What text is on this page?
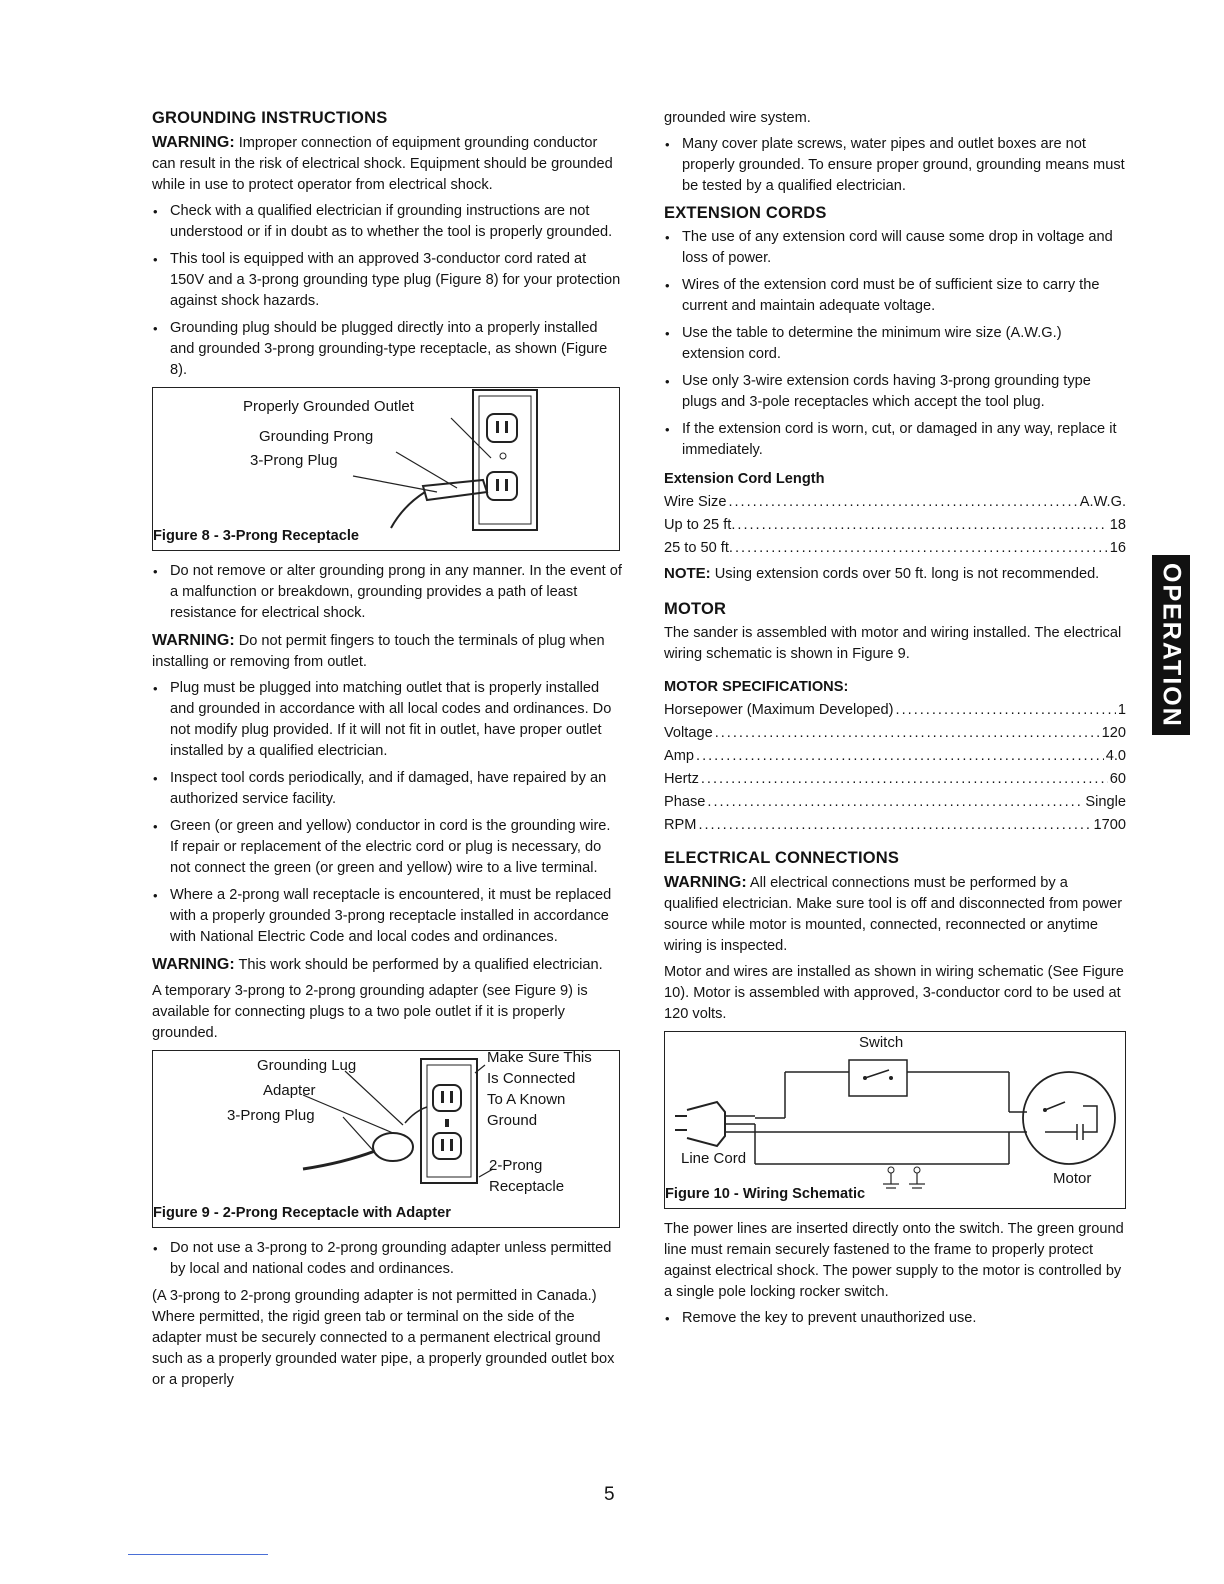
GROUNDING INSTRUCTIONS

WARNING: Improper connection of equipment grounding conductor can result in the risk of electrical shock. Equipment should be grounded while in use to protect operator from electrical shock.

• Check with a qualified electrician if grounding instructions are not understood or if in doubt as to whether the tool is properly grounded.
• This tool is equipped with an approved 3-conductor cord rated at 150V and a 3-prong grounding type plug (Figure 8) for your protection against shock hazards.
• Grounding plug should be plugged directly into a properly installed and grounded 3-prong grounding-type receptacle, as shown (Figure 8).
Properly Grounded Outlet
Grounding Prong
3-Prong Plug
Figure 8 - 3-Prong Receptacle
• Do not remove or alter grounding prong in any manner. In the event of a malfunction or breakdown, grounding provides a path of least resistance for electrical shock.

WARNING: Do not permit fingers to touch the terminals of plug when installing or removing from outlet.

• Plug must be plugged into matching outlet that is properly installed and grounded in accordance with all local codes and ordinances. Do not modify plug provided. If it will not fit in outlet, have proper outlet installed by a qualified electrician.
• Inspect tool cords periodically, and if damaged, have repaired by an authorized service facility.
• Green (or green and yellow) conductor in cord is the grounding wire. If repair or replacement of the electric cord or plug is necessary, do not connect the green (or green and yellow) wire to a live terminal.
• Where a 2-prong wall receptacle is encountered, it must be replaced with a properly grounded 3-prong receptacle installed in accordance with National Electric Code and local codes and ordinances.

WARNING: This work should be performed by a qualified electrician.

A temporary 3-prong to 2-prong grounding adapter (see Figure 9) is available for connecting plugs to a two pole outlet if it is properly grounded.

Grounding Lug
Adapter
3-Prong Plug
Make Sure This
Is Connected
To A Known
Ground
2-Prong
Receptacle
Figure 9 - 2-Prong Receptacle with Adapter
• Do not use a 3-prong to 2-prong grounding adapter unless permitted by local and national codes and ordinances.

(A 3-prong to 2-prong grounding adapter is not permitted in Canada.) Where permitted, the rigid green tab or terminal on the side of the adapter must be securely connected to a permanent electrical ground such as a properly grounded water pipe, a properly grounded outlet box or a properly

grounded wire system.

• Many cover plate screws, water pipes and outlet boxes are not properly grounded. To ensure proper ground, grounding means must be tested by a qualified electrician.
EXTENSION CORDS
• The use of any extension cord will cause some drop in voltage and loss of power.
• Wires of the extension cord must be of sufficient size to carry the current and maintain adequate voltage.
• Use the table to determine the minimum wire size (A.W.G.) extension cord.
• Use only 3-wire extension cords having 3-prong grounding type plugs and 3-pole receptacles which accept the tool plug.
• If the extension cord is worn, cut, or damaged in any way, replace it immediately.
Extension Cord Length
Wire Size .....	A.W.G.
Up to 25 ft. .....	18
25 to 50 ft. .....	16

NOTE: Using extension cords over 50 ft. long is not recommended.

MOTOR

The sander is assembled with motor and wiring installed. The electrical wiring schematic is shown in Figure 9.

MOTOR SPECIFICATIONS:
Horsepower (Maximum Developed) .....	1
Voltage .....	120
Amp .....	4.0
Hertz .....	60
Phase .....	Single
RPM .....	1700
ELECTRICAL CONNECTIONS

WARNING: All electrical connections must be performed by a qualified electrician. Make sure tool is off and disconnected from power source while motor is mounted, connected, reconnected or anytime wiring is inspected.

Motor and wires are installed as shown in wiring schematic (See Figure 10). Motor is assembled with approved, 3-conductor cord to be used at 120 volts.

Switch
Line Cord
Motor
Figure 10 - Wiring Schematic

The power lines are inserted directly onto the switch. The green ground line must remain securely fastened to the frame to properly protect against electrical shock. The power supply to the motor is controlled by a single pole locking rocker switch.

• Remove the key to prevent unauthorized use.
OPERATION
5
